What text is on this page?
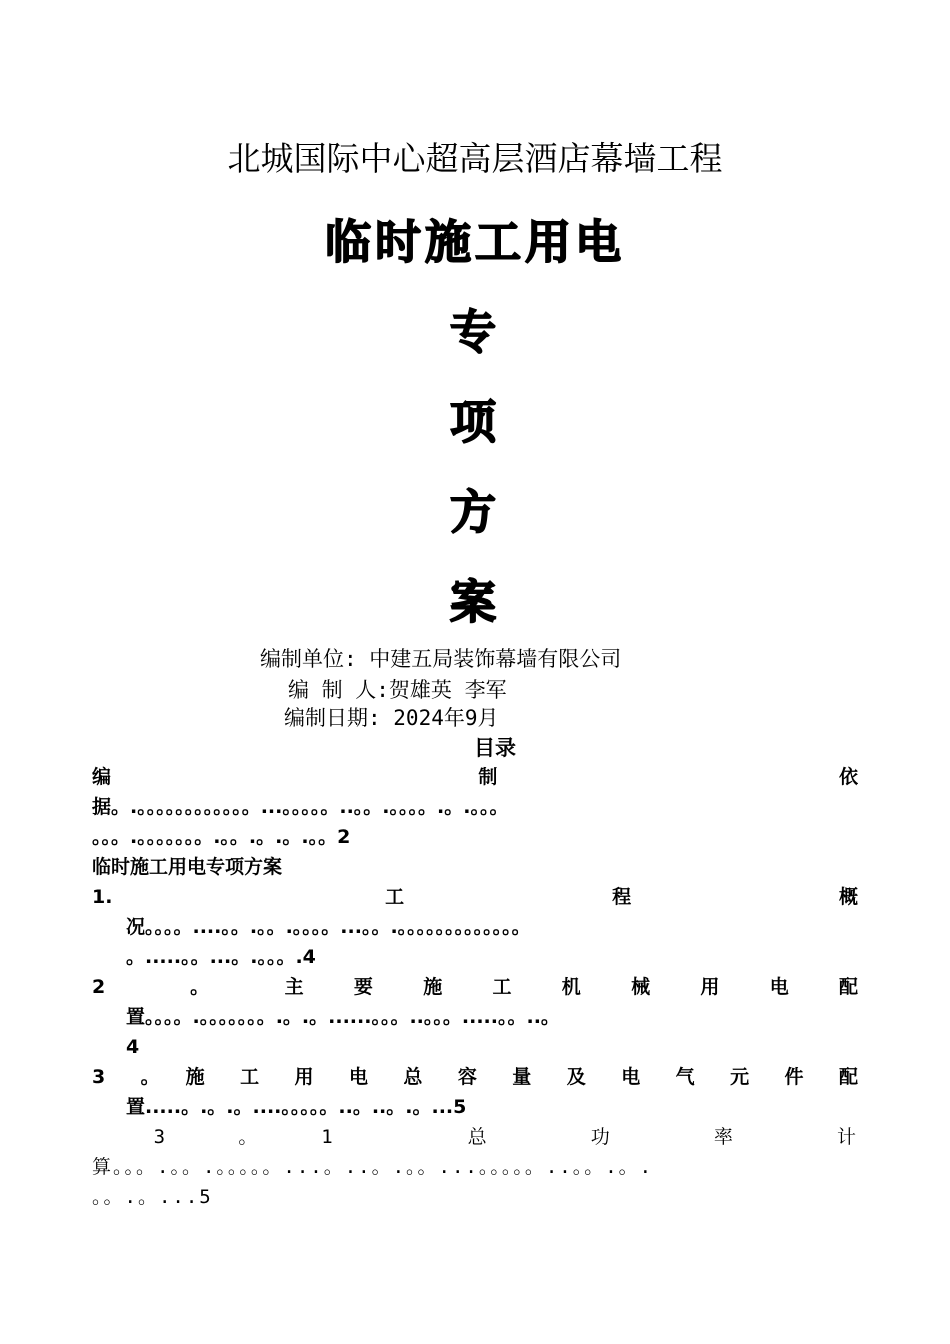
北城国际中心超高层酒店幕墙工程
临时施工用电
专
项
方
案
编制单位: 中建五局装饰幕墙有限公司
编 制 人:贺雄英 李军
编制日期: 2024年9月
目录
编　　　　　　　　　　　　　　制　　　　　　　　　　　　　依
据。.。。。。。。。。。。。。...。。。。。..。。.。。。。.。.。。。
。。。.。。。。。。。.。。.。.。.。。2
临时施工用电专项方案
1.　　　　　　　　工　　　　　　程　　　　　　概
况。。。。....。。.。。.。。。。...。。.。。。。。。。。。。。。。
。.....。。...。.。。。.4
2　　。　　主　要　施　工　机　械　用　电　配
置。。。。.。。。。。。。.。.。......。。。..。。。.....。。..。
4
3　。　施　工　用　电　总　容　量　及　电　气　元　件　配
置.....。.。.。....。。。。。..。..。.。...5
　　3　　。　　1　　　　总　　　功　　　率　　　计
算。。。.。。.。。。。。...。..。.。。...。。。。。..。。.。.
。。.。...5
